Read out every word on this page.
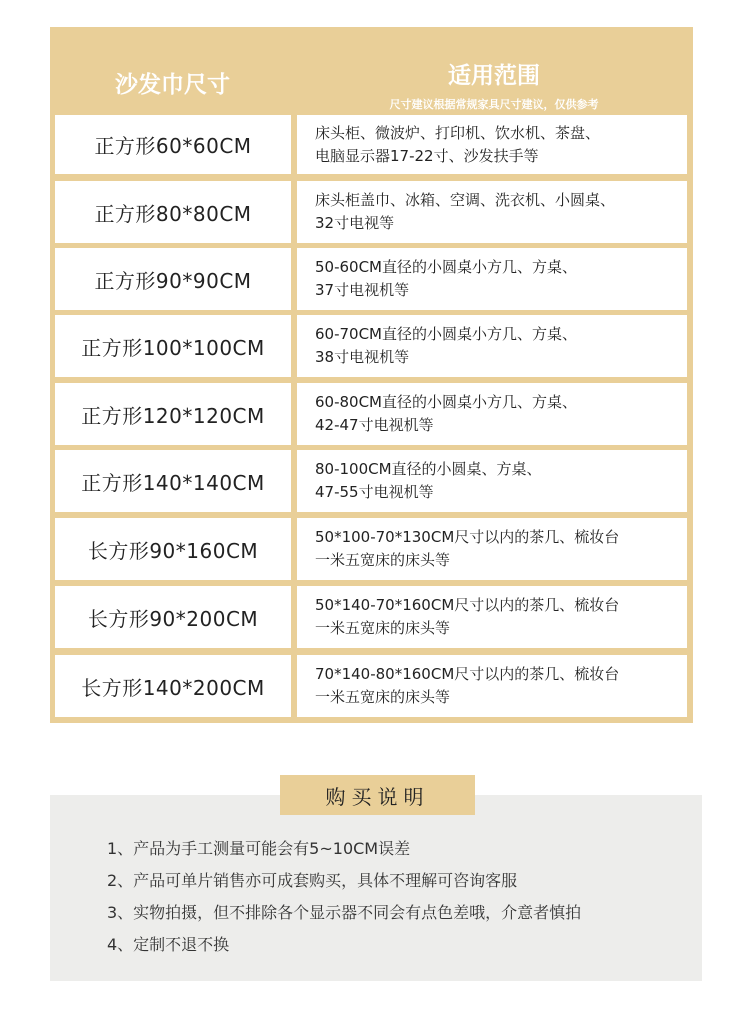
沙发巾尺寸	适用范围
尺寸建议根据常规家具尺寸建议，仅供参考
正方形60*60CM
床头柜、微波炉、打印机、饮水机、茶盘、
电脑显示器17-22寸、沙发扶手等
正方形80*80CM
床头柜盖巾、冰箱、空调、洗衣机、小圆桌、
32寸电视等
正方形90*90CM
50-60CM直径的小圆桌小方几、方桌、
37寸电视机等
正方形100*100CM
60-70CM直径的小圆桌小方几、方桌、
38寸电视机等
正方形120*120CM
60-80CM直径的小圆桌小方几、方桌、
42-47寸电视机等
正方形140*140CM
80-100CM直径的小圆桌、方桌、
47-55寸电视机等
长方形90*160CM
50*100-70*130CM尺寸以内的茶几、梳妆台
一米五宽床的床头等
长方形90*200CM
50*140-70*160CM尺寸以内的茶几、梳妆台
一米五宽床的床头等
长方形140*200CM
70*140-80*160CM尺寸以内的茶几、梳妆台
一米五宽床的床头等
购买说明
1、产品为手工测量可能会有5~10CM误差
2、产品可单片销售亦可成套购买，具体不理解可咨询客服
3、实物拍摄，但不排除各个显示器不同会有点色差哦，介意者慎拍
4、定制不退不换
